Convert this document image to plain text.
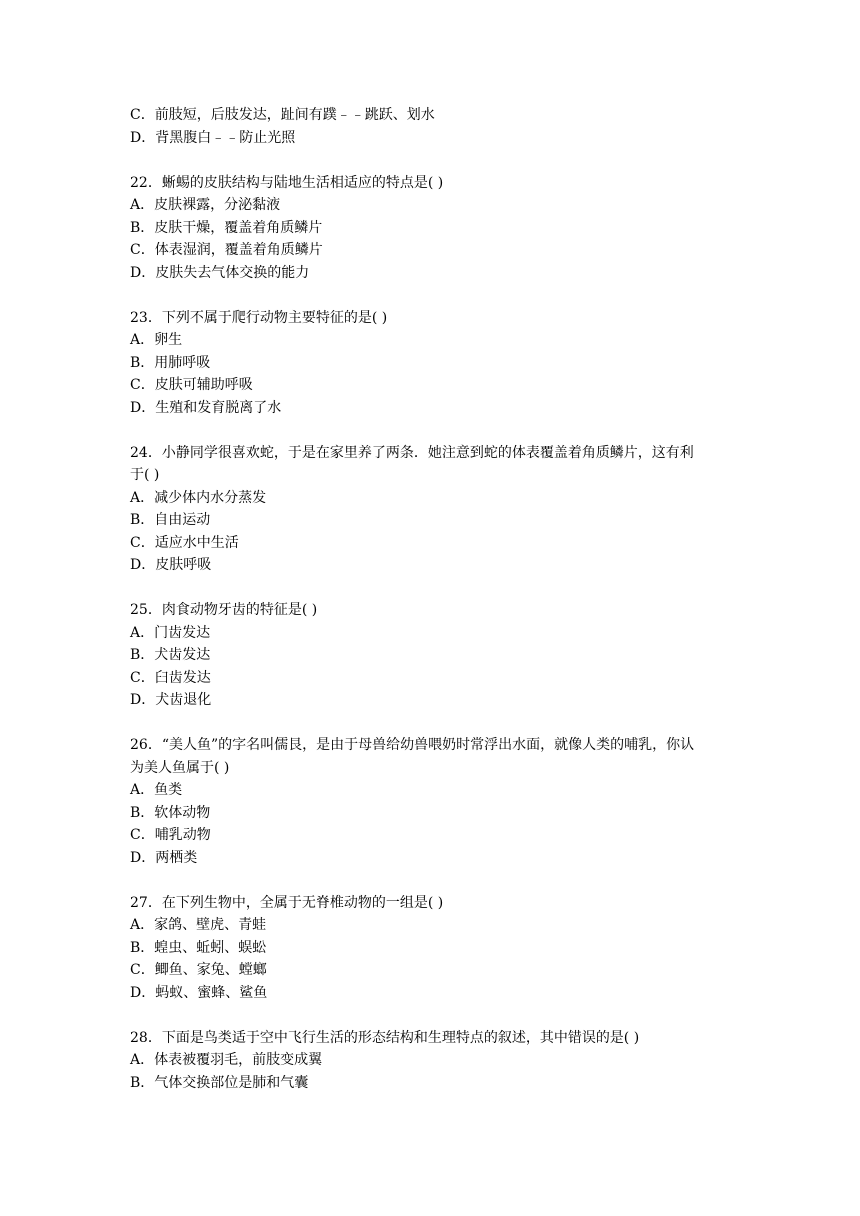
C．前肢短，后肢发达，趾间有蹼﹣﹣跳跃、划水
D．背黑腹白﹣﹣防止光照
22．蜥蜴的皮肤结构与陆地生活相适应的特点是( )
A．皮肤裸露，分泌黏液
B．皮肤干燥，覆盖着角质鳞片
C．体表湿润，覆盖着角质鳞片
D．皮肤失去气体交换的能力
23．下列不属于爬行动物主要特征的是( )
A．卵生
B．用肺呼吸
C．皮肤可辅助呼吸
D．生殖和发育脱离了水
24．小静同学很喜欢蛇，于是在家里养了两条．她注意到蛇的体表覆盖着角质鳞片，这有利
于( )
A．减少体内水分蒸发
B．自由运动
C．适应水中生活
D．皮肤呼吸
25．肉食动物牙齿的特征是( )
A．门齿发达
B．犬齿发达
C．臼齿发达
D．犬齿退化
26．“美人鱼”的字名叫儒艮，是由于母兽给幼兽喂奶时常浮出水面，就像人类的哺乳，你认
为美人鱼属于( )
A．鱼类
B．软体动物
C．哺乳动物
D．两栖类
27．在下列生物中，全属于无脊椎动物的一组是( )
A．家鸽、壁虎、青蛙
B．蝗虫、蚯蚓、蜈蚣
C．鲫鱼、家兔、螳螂
D．蚂蚁、蜜蜂、鲨鱼
28．下面是鸟类适于空中飞行生活的形态结构和生理特点的叙述，其中错误的是( )
A．体表被覆羽毛，前肢变成翼
B．气体交换部位是肺和气囊
